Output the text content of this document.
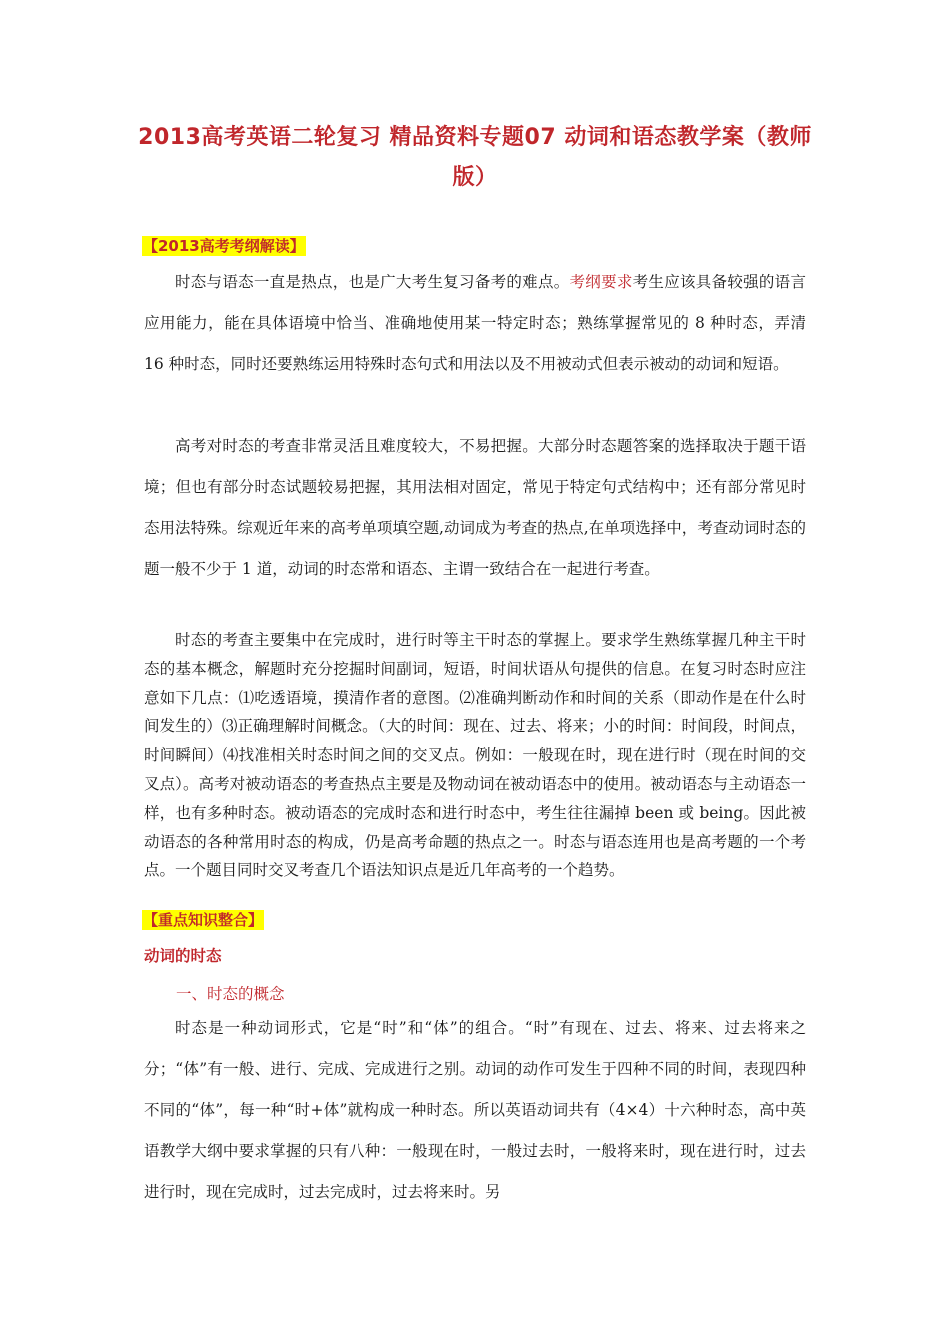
2013高考英语二轮复习 精品资料专题07 动词和语态教学案（教师版）
【2013高考考纲解读】
时态与语态一直是热点，也是广大考生复习备考的难点。考纲要求考生应该具备较强的语言应用能力，能在具体语境中恰当、准确地使用某一特定时态；熟练掌握常见的 8 种时态，弄清 16 种时态，同时还要熟练运用特殊时态句式和用法以及不用被动式但表示被动的动词和短语。
高考对时态的考查非常灵活且难度较大，不易把握。大部分时态题答案的选择取决于题干语境；但也有部分时态试题较易把握，其用法相对固定，常见于特定句式结构中；还有部分常见时态用法特殊。综观近年来的高考单项填空题,动词成为考查的热点,在单项选择中，考查动词时态的题一般不少于 1 道，动词的时态常和语态、主谓一致结合在一起进行考查。
时态的考查主要集中在完成时，进行时等主干时态的掌握上。要求学生熟练掌握几种主干时态的基本概念，解题时充分挖掘时间副词，短语，时间状语从句提供的信息。在复习时态时应注意如下几点：⑴吃透语境，摸清作者的意图。⑵准确判断动作和时间的关系（即动作是在什么时间发生的）⑶正确理解时间概念。（大的时间：现在、过去、将来；小的时间：时间段，时间点，时间瞬间）⑷找准相关时态时间之间的交叉点。例如：一般现在时，现在进行时（现在时间的交叉点）。高考对被动语态的考查热点主要是及物动词在被动语态中的使用。被动语态与主动语态一样，也有多种时态。被动语态的完成时态和进行时态中，考生往往漏掉 been 或 being。因此被动语态的各种常用时态的构成，仍是高考命题的热点之一。时态与语态连用也是高考题的一个考点。一个题目同时交叉考查几个语法知识点是近几年高考的一个趋势。
【重点知识整合】
动词的时态
一、时态的概念
时态是一种动词形式，它是“时”和“体”的组合。“时”有现在、过去、将来、过去将来之分；“体”有一般、进行、完成、完成进行之别。动词的动作可发生于四种不同的时间，表现四种不同的“体”，每一种“时+体”就构成一种时态。所以英语动词共有（4×4）十六种时态，高中英语教学大纲中要求掌握的只有八种：一般现在时，一般过去时，一般将来时，现在进行时，过去进行时，现在完成时，过去完成时，过去将来时。另
